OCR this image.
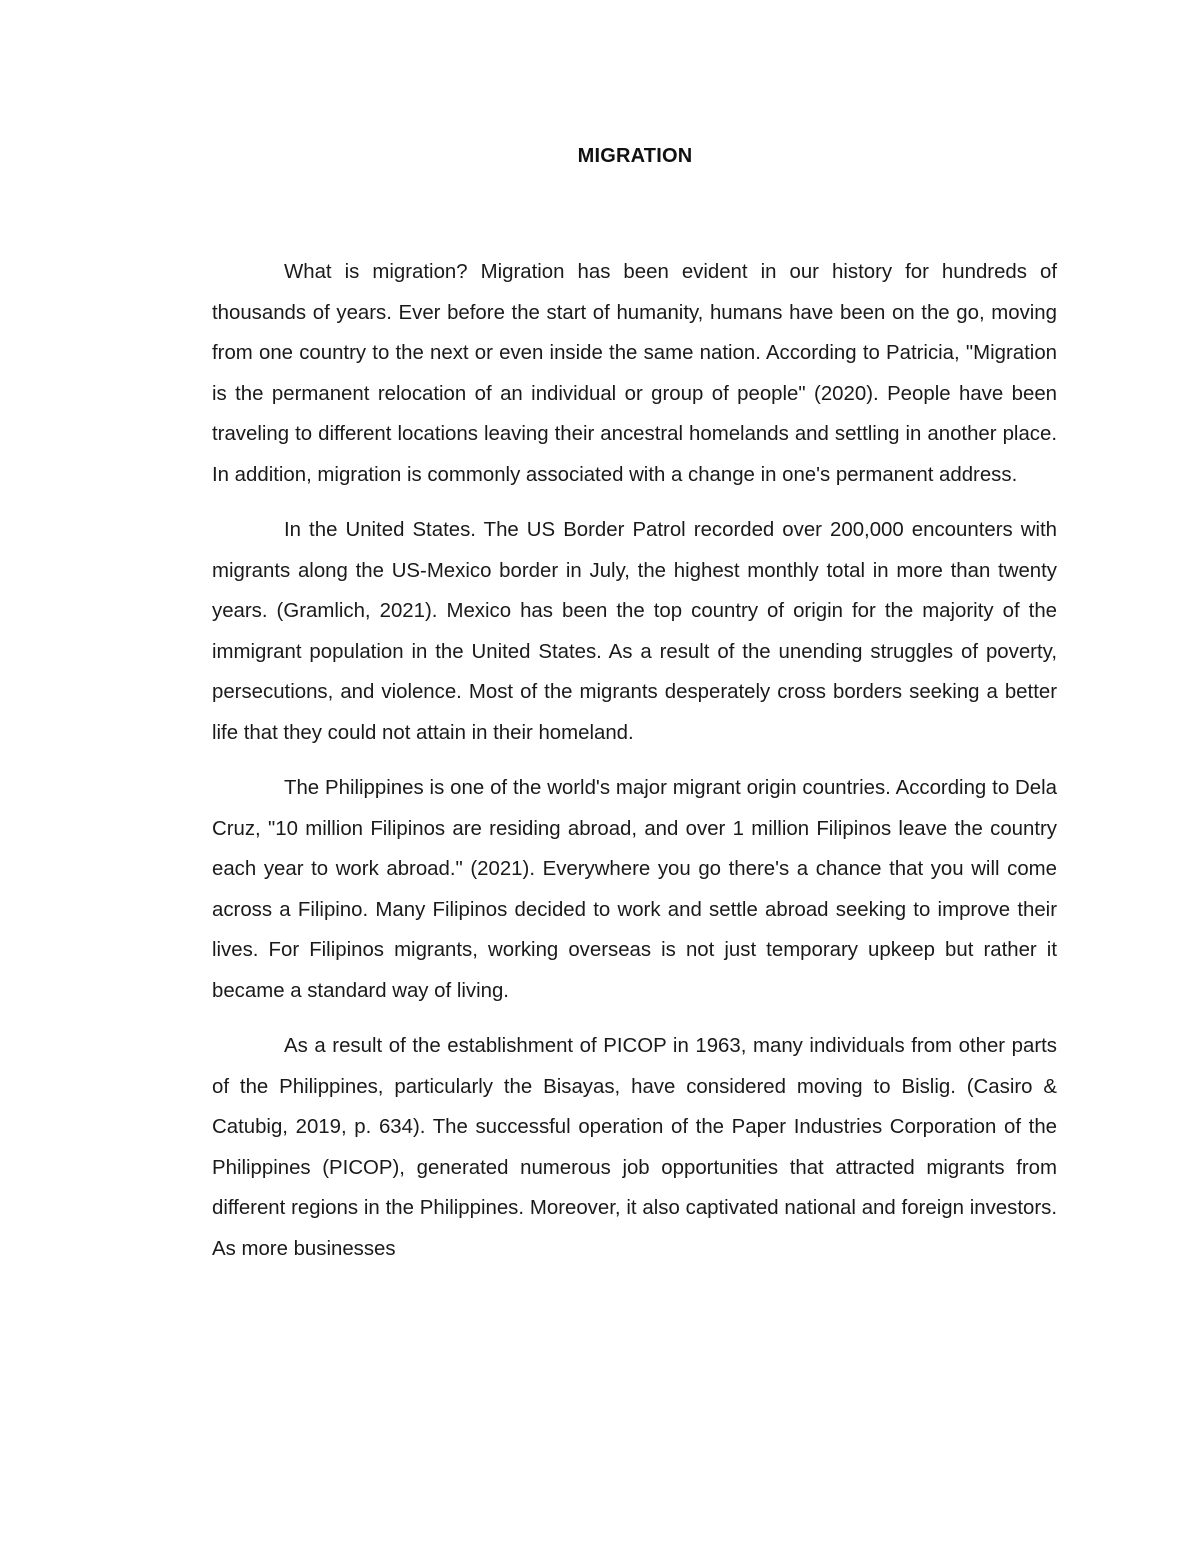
MIGRATION

What is migration? Migration has been evident in our history for hundreds of thousands of years. Ever before the start of humanity, humans have been on the go, moving from one country to the next or even inside the same nation. According to Patricia, "Migration is the permanent relocation of an individual or group of people" (2020). People have been traveling to different locations leaving their ancestral homelands and settling in another place. In addition, migration is commonly associated with a change in one's permanent address.

In the United States. The US Border Patrol recorded over 200,000 encounters with migrants along the US-Mexico border in July, the highest monthly total in more than twenty years. (Gramlich, 2021). Mexico has been the top country of origin for the majority of the immigrant population in the United States. As a result of the unending struggles of poverty, persecutions, and violence. Most of the migrants desperately cross borders seeking a better life that they could not attain in their homeland.

The Philippines is one of the world's major migrant origin countries. According to Dela Cruz, "10 million Filipinos are residing abroad, and over 1 million Filipinos leave the country each year to work abroad." (2021). Everywhere you go there's a chance that you will come across a Filipino. Many Filipinos decided to work and settle abroad seeking to improve their lives. For Filipinos migrants, working overseas is not just temporary upkeep but rather it became a standard way of living.

As a result of the establishment of PICOP in 1963, many individuals from other parts of the Philippines, particularly the Bisayas, have considered moving to Bislig. (Casiro & Catubig, 2019, p. 634). The successful operation of the Paper Industries Corporation of the Philippines (PICOP), generated numerous job opportunities that attracted migrants from different regions in the Philippines. Moreover, it also captivated national and foreign investors. As more businesses
